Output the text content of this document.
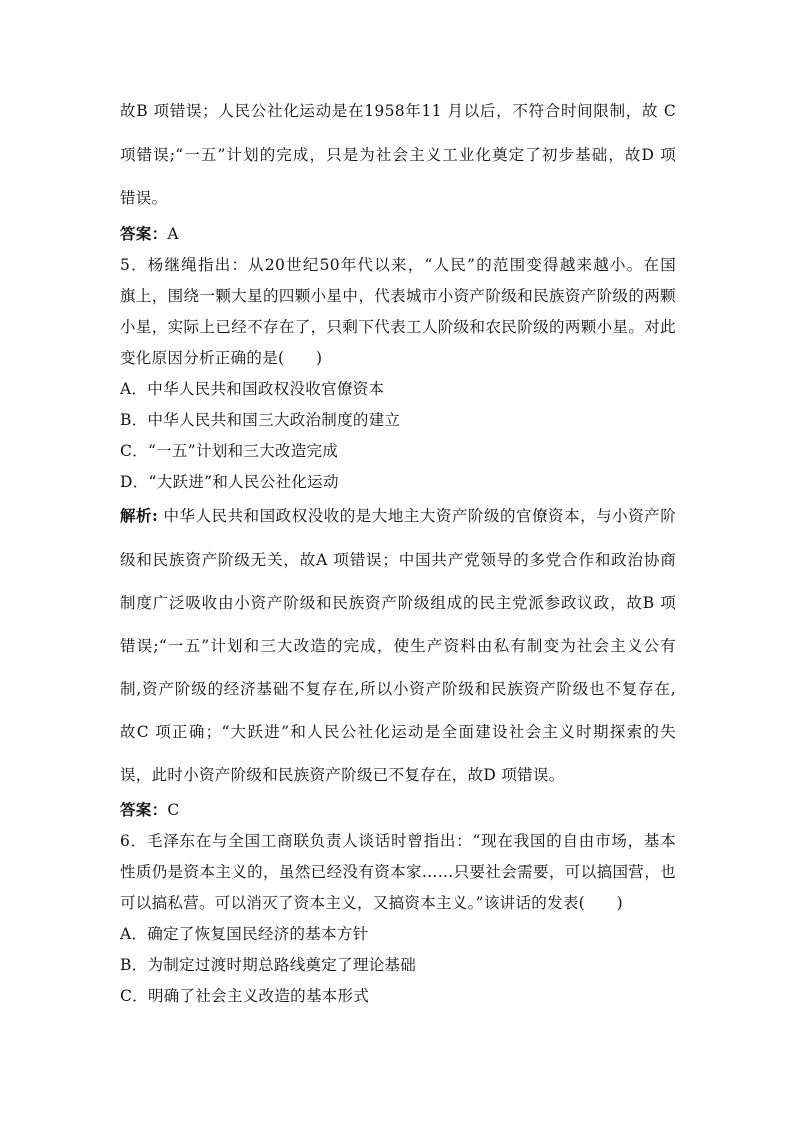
故B 项错误；人民公社化运动是在1958年11 月以后，不符合时间限制，故 C
项错误;“一五”计划的完成，只是为社会主义工业化奠定了初步基础，故D 项
错误。
答案：A
5．杨继绳指出：从20世纪50年代以来，“人民”的范围变得越来越小。在国
旗上，围绕一颗大星的四颗小星中，代表城市小资产阶级和民族资产阶级的两颗
小星，实际上已经不存在了，只剩下代表工人阶级和农民阶级的两颗小星。对此
变化原因分析正确的是(　　)
A．中华人民共和国政权没收官僚资本
B．中华人民共和国三大政治制度的建立
C．“一五”计划和三大改造完成
D．“大跃进”和人民公社化运动
解析: 中华人民共和国政权没收的是大地主大资产阶级的官僚资本，与小资产阶
级和民族资产阶级无关，故A 项错误；中国共产党领导的多党合作和政治协商
制度广泛吸收由小资产阶级和民族资产阶级组成的民主党派参政议政，故B 项
错误;“一五”计划和三大改造的完成，使生产资料由私有制变为社会主义公有
制,资产阶级的经济基础不复存在,所以小资产阶级和民族资产阶级也不复存在,
故C 项正确；“大跃进”和人民公社化运动是全面建设社会主义时期探索的失
误，此时小资产阶级和民族资产阶级已不复存在，故D 项错误。
答案：C
6．毛泽东在与全国工商联负责人谈话时曾指出：“现在我国的自由市场，基本
性质仍是资本主义的，虽然已经没有资本家……只要社会需要，可以搞国营，也
可以搞私营。可以消灭了资本主义，又搞资本主义。”该讲话的发表(　　)
A．确定了恢复国民经济的基本方针
B．为制定过渡时期总路线奠定了理论基础
C．明确了社会主义改造的基本形式
